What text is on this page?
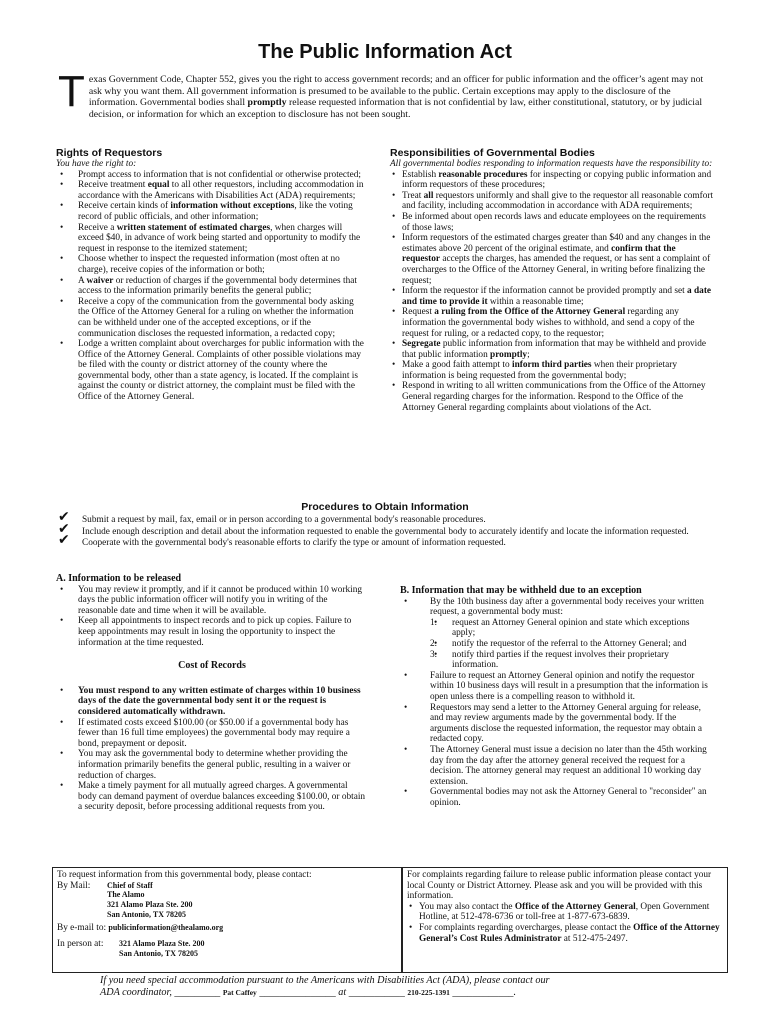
The Public Information Act
Texas Government Code, Chapter 552, gives you the right to access government records; and an officer for public information and the officer’s agent may not ask why you want them. All government information is presumed to be available to the public. Certain exceptions may apply to the disclosure of the information. Governmental bodies shall promptly release requested information that is not confidential by law, either constitutional, statutory, or by judicial decision, or information for which an exception to disclosure has not been sought.
Rights of Requestors
You have the right to:
• Prompt access to information that is not confidential or otherwise protected;
• Receive treatment equal to all other requestors, including accommodation in accordance with the Americans with Disabilities Act (ADA) requirements;
• Receive certain kinds of information without exceptions, like the voting record of public officials, and other information;
• Receive a written statement of estimated charges, when charges will exceed $40, in advance of work being started and opportunity to modify the request in response to the itemized statement;
• Choose whether to inspect the requested information (most often at no charge), receive copies of the information or both;
• A waiver or reduction of charges if the governmental body determines that access to the information primarily benefits the general public;
• Receive a copy of the communication from the governmental body asking the Office of the Attorney General for a ruling on whether the information can be withheld under one of the accepted exceptions, or if the communication discloses the requested information, a redacted copy;
• Lodge a written complaint about overcharges for public information with the Office of the Attorney General. Complaints of other possible violations may be filed with the county or district attorney of the county where the governmental body, other than a state agency, is located. If the complaint is against the county or district attorney, the complaint must be filed with the Office of the Attorney General.
Responsibilities of Governmental Bodies
All governmental bodies responding to information requests have the responsibility to:
• Establish reasonable procedures for inspecting or copying public information and inform requestors of these procedures;
• Treat all requestors uniformly and shall give to the requestor all reasonable comfort and facility, including accommodation in accordance with ADA requirements;
• Be informed about open records laws and educate employees on the requirements of those laws;
• Inform requestors of the estimated charges greater than $40 and any changes in the estimates above 20 percent of the original estimate, and confirm that the requestor accepts the charges, has amended the request, or has sent a complaint of overcharges to the Office of the Attorney General, in writing before finalizing the request;
• Inform the requestor if the information cannot be provided promptly and set a date and time to provide it within a reasonable time;
• Request a ruling from the Office of the Attorney General regarding any information the governmental body wishes to withhold, and send a copy of the request for ruling, or a redacted copy, to the requestor;
• Segregate public information from information that may be withheld and provide that public information promptly;
• Make a good faith attempt to inform third parties when their proprietary information is being requested from the governmental body;
• Respond in writing to all written communications from the Office of the Attorney General regarding charges for the information. Respond to the Office of the Attorney General regarding complaints about violations of the Act.
Procedures to Obtain Information
✔ Submit a request by mail, fax, email or in person according to a governmental body's reasonable procedures.
✔ Include enough description and detail about the information requested to enable the governmental body to accurately identify and locate the information requested.
✔ Cooperate with the governmental body's reasonable efforts to clarify the type or amount of information requested.
A. Information to be released
• You may review it promptly, and if it cannot be produced within 10 working days the public information officer will notify you in writing of the reasonable date and time when it will be available.
• Keep all appointments to inspect records and to pick up copies. Failure to keep appointments may result in losing the opportunity to inspect the information at the time requested.
Cost of Records
• You must respond to any written estimate of charges within 10 business days of the date the governmental body sent it or the request is considered automatically withdrawn.
• If estimated costs exceed $100.00 (or $50.00 if a governmental body has fewer than 16 full time employees) the governmental body may require a bond, prepayment or deposit.
• You may ask the governmental body to determine whether providing the information primarily benefits the general public, resulting in a waiver or reduction of charges.
• Make a timely payment for all mutually agreed charges. A governmental body can demand payment of overdue balances exceeding $100.00, or obtain a security deposit, before processing additional requests from you.
B. Information that may be withheld due to an exception
• By the 10th business day after a governmental body receives your written request, a governmental body must:
• 1. request an Attorney General opinion and state which exceptions apply;
• 2. notify the requestor of the referral to the Attorney General; and
• 3. notify third parties if the request involves their proprietary information.
• Failure to request an Attorney General opinion and notify the requestor within 10 business days will result in a presumption that the information is open unless there is a compelling reason to withhold it.
• Requestors may send a letter to the Attorney General arguing for release, and may review arguments made by the governmental body. If the arguments disclose the requested information, the requestor may obtain a redacted copy.
• The Attorney General must issue a decision no later than the 45th working day from the day after the attorney general received the request for a decision. The attorney general may request an additional 10 working day extension.
• Governmental bodies may not ask the Attorney General to "reconsider" an opinion.
To request information from this governmental body, please contact:
By Mail:	Chief of Staff
The Alamo
321 Alamo Plaza Ste. 200
San Antonio, TX 78205
By e-mail to: publicinformation@thealamo.org
In person at:	321 Alamo Plaza Ste. 200
San Antonio, TX 78205
For complaints regarding failure to release public information please contact your local County or District Attorney. Please ask and you will be provided with this information.
• You may also contact the Office of the Attorney General, Open Government Hotline, at 512-478-6736 or toll-free at 1-877-673-6839.
• For complaints regarding overcharges, please contact the Office of the Attorney General’s Cost Rules Administrator at 512-475-2497.
If you need special accommodation pursuant to the Americans with Disabilities Act (ADA), please contact our
ADA coordinator, _________ Pat Caffey _______________ at ___________ 210-225-1391 ____________.
